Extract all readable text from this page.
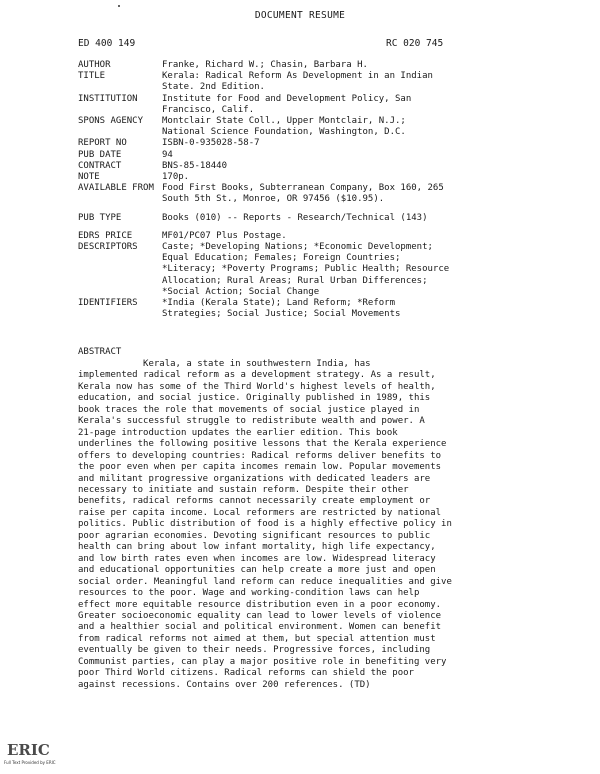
DOCUMENT RESUME
ED 400 149	RC 020 745
AUTHOR	Franke, Richard W.; Chasin, Barbara H.
TITLE	Kerala: Radical Reform As Development in an Indian
State. 2nd Edition.
INSTITUTION	Institute for Food and Development Policy, San
Francisco, Calif.
SPONS AGENCY	Montclair State Coll., Upper Montclair, N.J.;
National Science Foundation, Washington, D.C.
REPORT NO	ISBN-0-935028-58-7
PUB DATE	94
CONTRACT	BNS-85-18440
NOTE	170p.
AVAILABLE FROM Food First Books, Subterranean Company, Box 160, 265
South 5th St., Monroe, OR 97456 ($10.95).
PUB TYPE	Books (010) -- Reports - Research/Technical (143)
EDRS PRICE	MF01/PC07 Plus Postage.
DESCRIPTORS	Caste; *Developing Nations; *Economic Development;
Equal Education; Females; Foreign Countries;
*Literacy; *Poverty Programs; Public Health; Resource
Allocation; Rural Areas; Rural Urban Differences;
*Social Action; Social Change
IDENTIFIERS	*India (Kerala State); Land Reform; *Reform
Strategies; Social Justice; Social Movements
ABSTRACT
Kerala, a state in southwestern India, has
implemented radical reform as a development strategy. As a result,
Kerala now has some of the Third World's highest levels of health,
education, and social justice. Originally published in 1989, this
book traces the role that movements of social justice played in
Kerala's successful struggle to redistribute wealth and power. A
21-page introduction updates the earlier edition. This book
underlines the following positive lessons that the Kerala experience
offers to developing countries: Radical reforms deliver benefits to
the poor even when per capita incomes remain low. Popular movements
and militant progressive organizations with dedicated leaders are
necessary to initiate and sustain reform. Despite their other
benefits, radical reforms cannot necessarily create employment or
raise per capita income. Local reformers are restricted by national
politics. Public distribution of food is a highly effective policy in
poor agrarian economies. Devoting significant resources to public
health can bring about low infant mortality, high life expectancy,
and low birth rates even when incomes are low. Widespread literacy
and educational opportunities can help create a more just and open
social order. Meaningful land reform can reduce inequalities and give
resources to the poor. Wage and working-condition laws can help
effect more equitable resource distribution even in a poor economy.
Greater socioeconomic equality can lead to lower levels of violence
and a healthier social and political environment. Women can benefit
from radical reforms not aimed at them, but special attention must
eventually be given to their needs. Progressive forces, including
Communist parties, can play a major positive role in benefiting very
poor Third World citizens. Radical reforms can shield the poor
against recessions. Contains over 200 references. (TD)
ERIC
Full Text Provided by ERIC
